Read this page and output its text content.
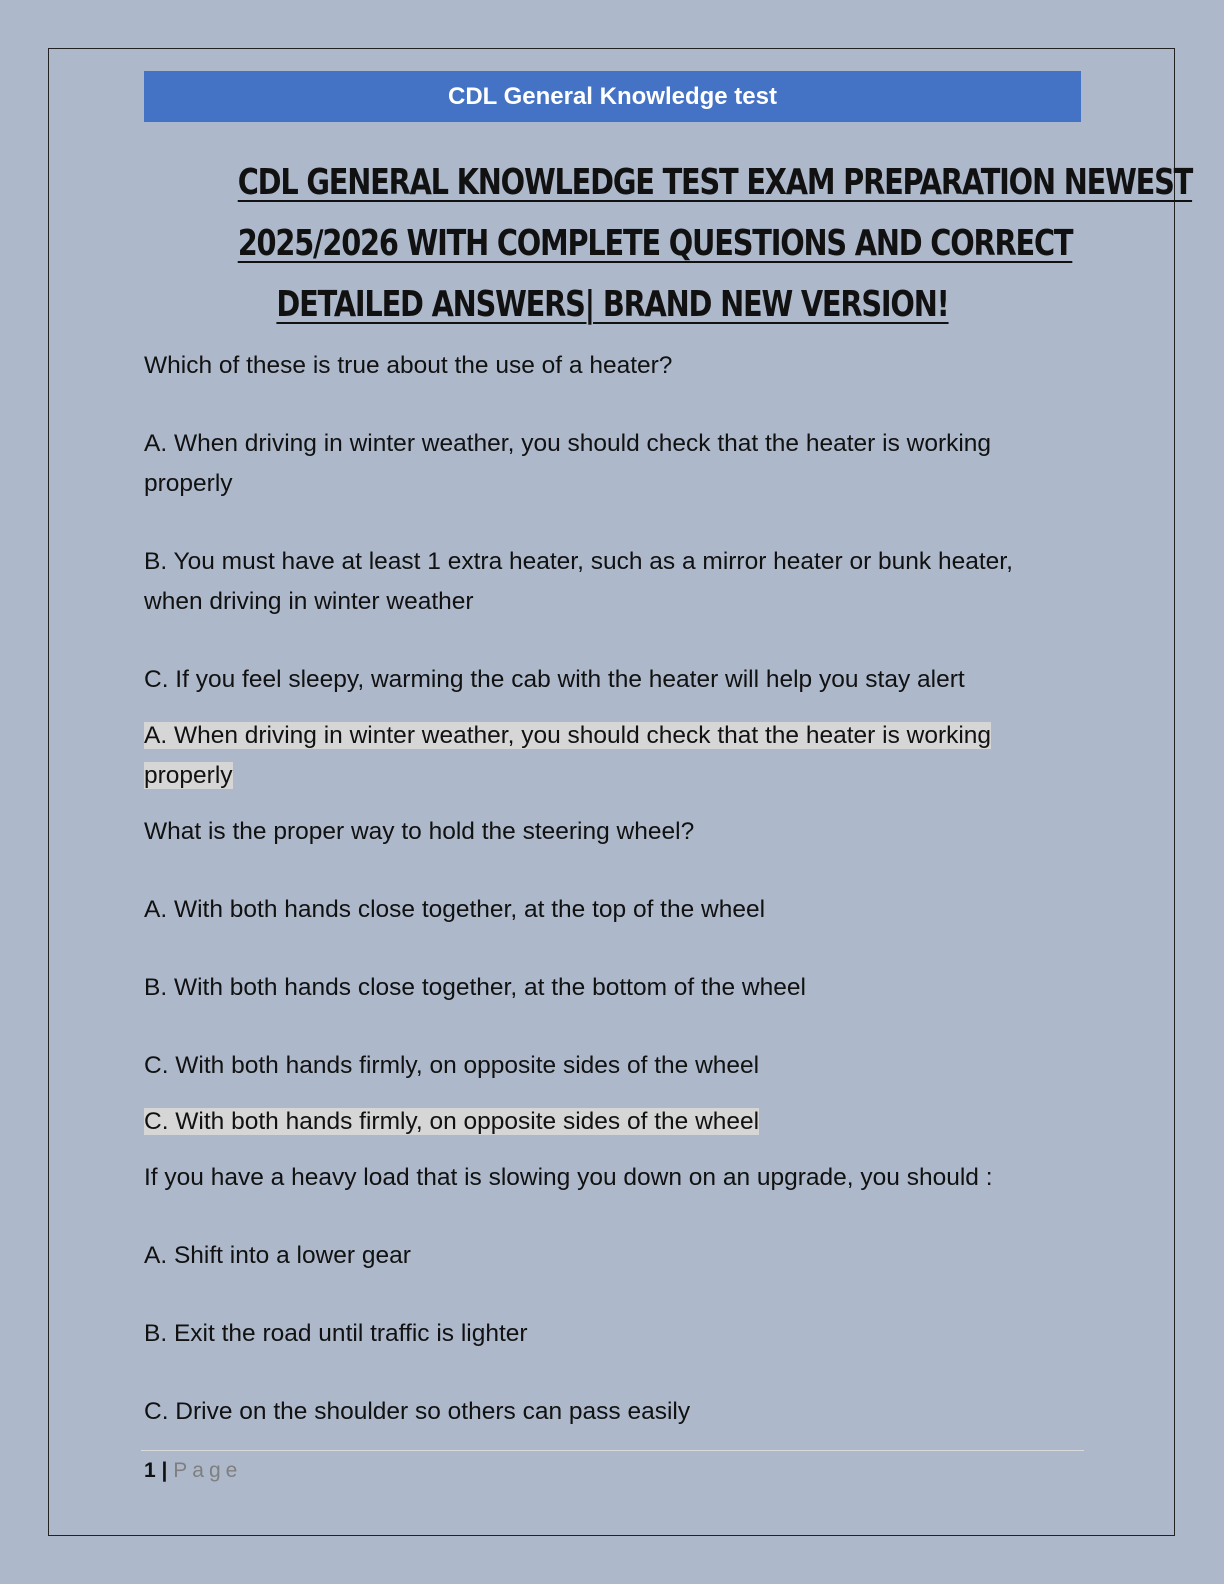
CDL General Knowledge test
CDL GENERAL KNOWLEDGE TEST EXAM PREPARATION NEWEST
2025/2026 WITH COMPLETE QUESTIONS AND CORRECT
DETAILED ANSWERS| BRAND NEW VERSION!

Which of these is true about the use of a heater?

A. When driving in winter weather, you should check that the heater is working properly

B. You must have at least 1 extra heater, such as a mirror heater or bunk heater, when driving in winter weather

C. If you feel sleepy, warming the cab with the heater will help you stay alert

A. When driving in winter weather, you should check that the heater is working properly

What is the proper way to hold the steering wheel?

A. With both hands close together, at the top of the wheel

B. With both hands close together, at the bottom of the wheel

C. With both hands firmly, on opposite sides of the wheel

C. With both hands firmly, on opposite sides of the wheel

If you have a heavy load that is slowing you down on an upgrade, you should :

A. Shift into a lower gear

B. Exit the road until traffic is lighter

C. Drive on the shoulder so others can pass easily

1 | Page
